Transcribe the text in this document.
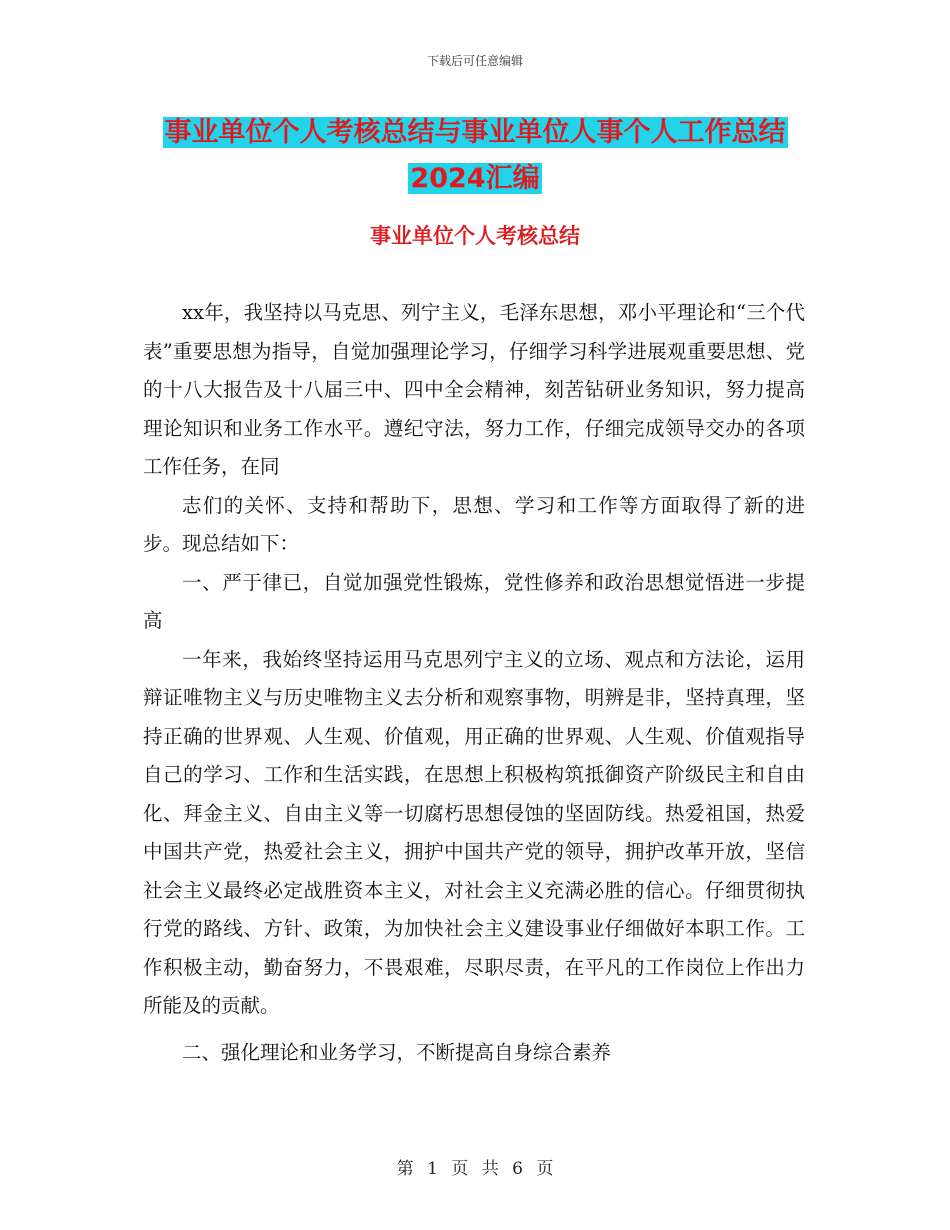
下载后可任意编辑
事业单位个人考核总结与事业单位人事个人工作总结
2024汇编
事业单位个人考核总结

xx年，我坚持以马克思、列宁主义，毛泽东思想，邓小平理论和“三个代表”重要思想为指导，自觉加强理论学习，仔细学习科学进展观重要思想、党的十八大报告及十八届三中、四中全会精神，刻苦钻研业务知识，努力提高理论知识和业务工作水平。遵纪守法，努力工作，仔细完成领导交办的各项工作任务，在同

志们的关怀、支持和帮助下，思想、学习和工作等方面取得了新的进步。现总结如下：

一、严于律已，自觉加强党性锻炼，党性修养和政治思想觉悟进一步提高

一年来，我始终坚持运用马克思列宁主义的立场、观点和方法论，运用辩证唯物主义与历史唯物主义去分析和观察事物，明辨是非，坚持真理，坚持正确的世界观、人生观、价值观，用正确的世界观、人生观、价值观指导自己的学习、工作和生活实践，在思想上积极构筑抵御资产阶级民主和自由化、拜金主义、自由主义等一切腐朽思想侵蚀的坚固防线。热爱祖国，热爱中国共产党，热爱社会主义，拥护中国共产党的领导，拥护改革开放，坚信社会主义最终必定战胜资本主义，对社会主义充满必胜的信心。仔细贯彻执行党的路线、方针、政策，为加快社会主义建设事业仔细做好本职工作。工作积极主动，勤奋努力，不畏艰难，尽职尽责，在平凡的工作岗位上作出力所能及的贡献。

二、强化理论和业务学习，不断提高自身综合素养

第 1 页 共 6 页
